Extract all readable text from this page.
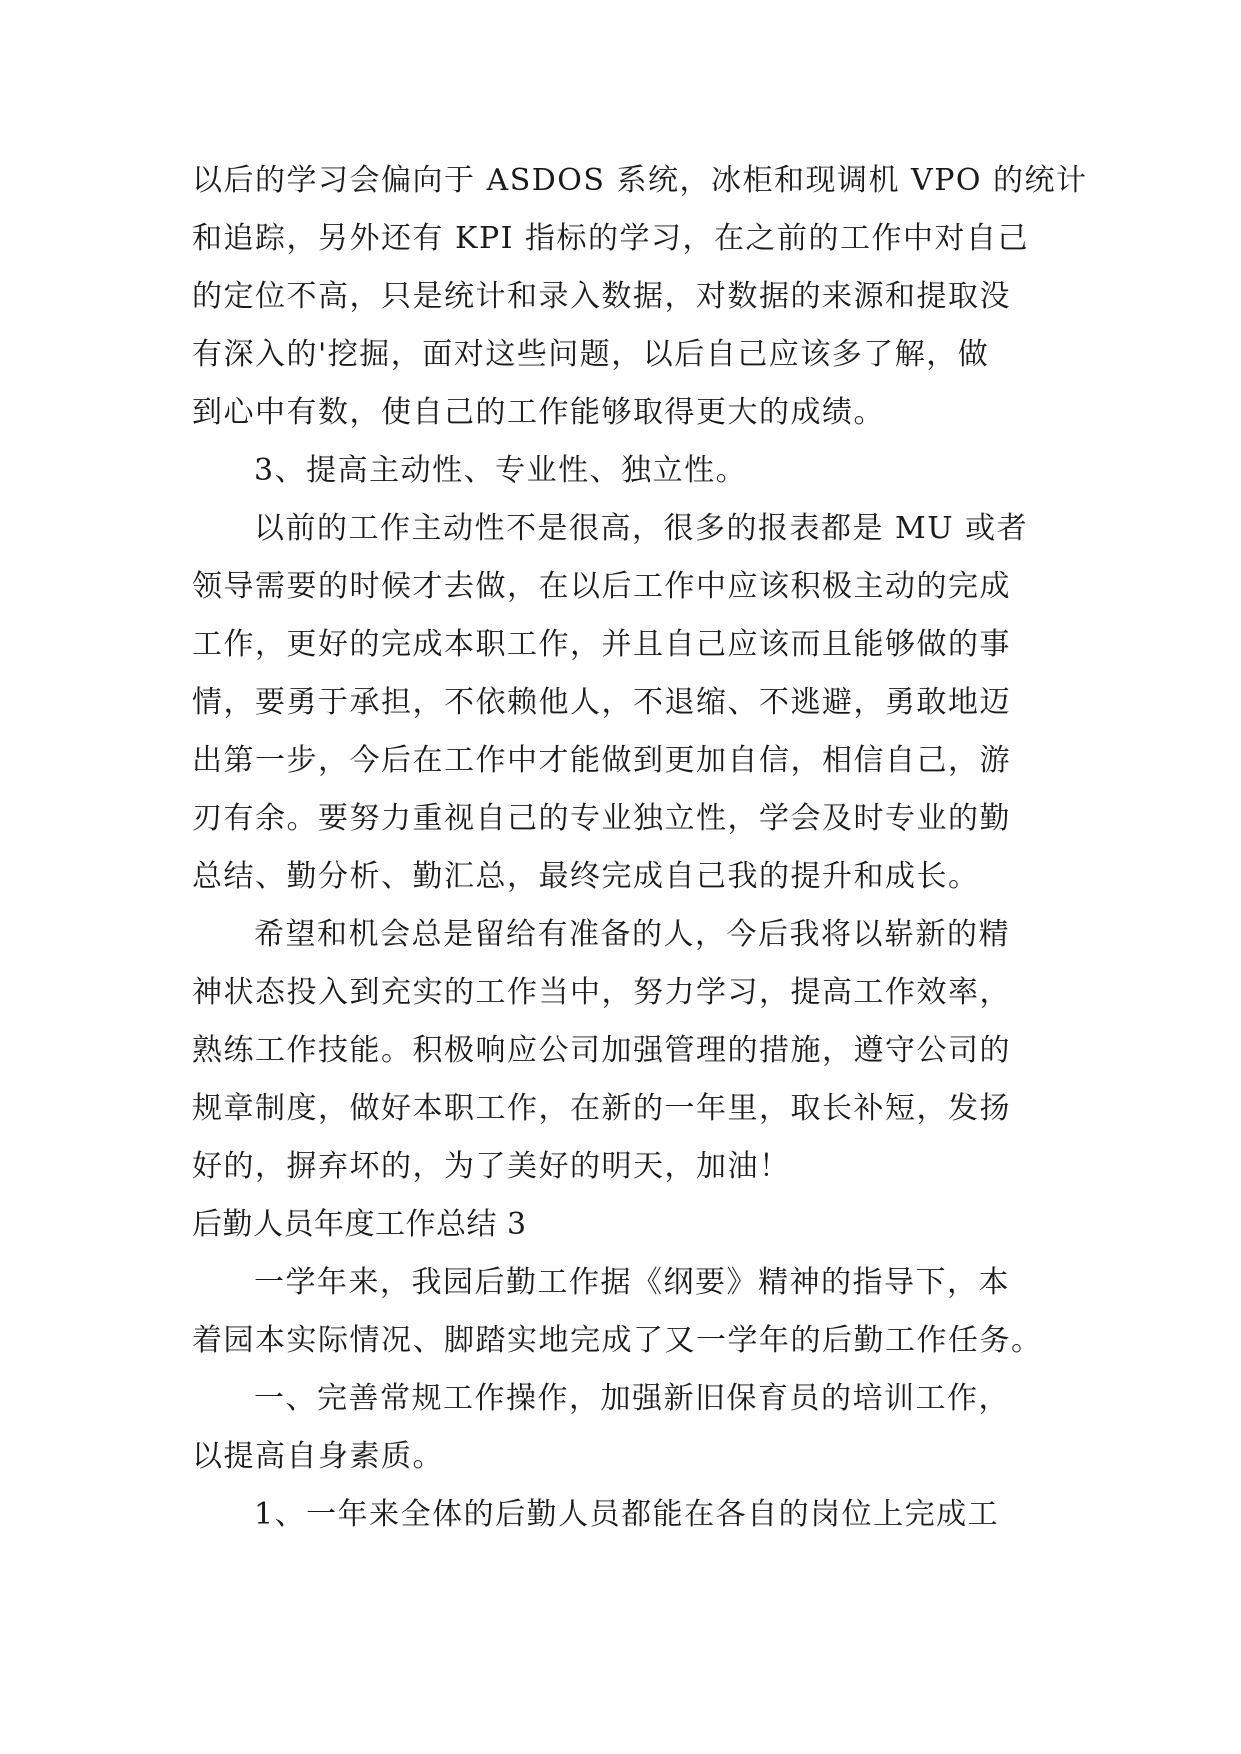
以后的学习会偏向于 ASDOS 系统，冰柜和现调机 VPO 的统计
和追踪，另外还有 KPI 指标的学习，在之前的工作中对自己
的定位不高，只是统计和录入数据，对数据的来源和提取没
有深入的'挖掘，面对这些问题，以后自己应该多了解，做
到心中有数，使自己的工作能够取得更大的成绩。
3、提高主动性、专业性、独立性。
以前的工作主动性不是很高，很多的报表都是 MU 或者
领导需要的时候才去做，在以后工作中应该积极主动的完成
工作，更好的完成本职工作，并且自己应该而且能够做的事
情，要勇于承担，不依赖他人，不退缩、不逃避，勇敢地迈
出第一步，今后在工作中才能做到更加自信，相信自己，游
刃有余。要努力重视自己的专业独立性，学会及时专业的勤
总结、勤分析、勤汇总，最终完成自己我的提升和成长。
希望和机会总是留给有准备的人，今后我将以崭新的精
神状态投入到充实的工作当中，努力学习，提高工作效率，
熟练工作技能。积极响应公司加强管理的措施，遵守公司的
规章制度，做好本职工作，在新的一年里，取长补短，发扬
好的，摒弃坏的，为了美好的明天，加油！
后勤人员年度工作总结 3
一学年来，我园后勤工作据《纲要》精神的指导下，本
着园本实际情况、脚踏实地完成了又一学年的后勤工作任务。
一、完善常规工作操作，加强新旧保育员的培训工作，
以提高自身素质。
1、一年来全体的后勤人员都能在各自的岗位上完成工
